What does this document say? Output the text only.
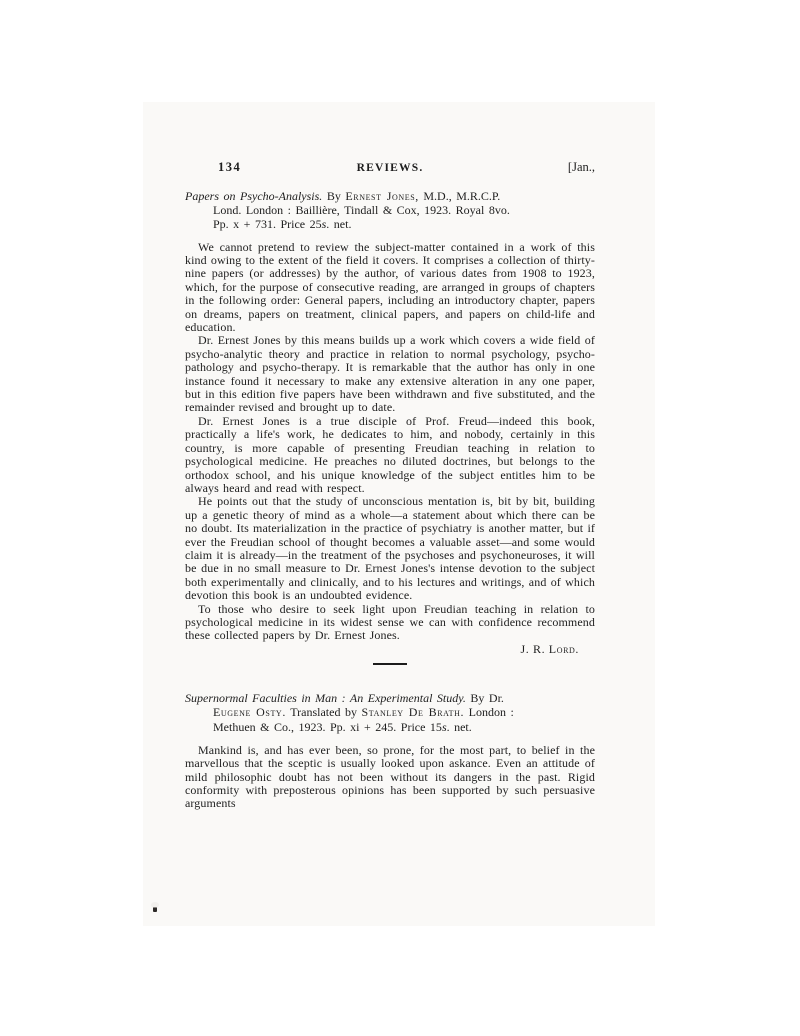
134	REVIEWS.	[Jan.,
Papers on Psycho-Analysis. By Ernest Jones, M.D., M.R.C.P.
Lond. London : Baillière, Tindall & Cox, 1923. Royal 8vo.
Pp. x + 731. Price 25s. net.

We cannot pretend to review the subject-matter contained in a work of this kind owing to the extent of the field it covers. It comprises a collection of thirty-nine papers (or addresses) by the author, of various dates from 1908 to 1923, which, for the purpose of consecutive reading, are arranged in groups of chapters in the following order: General papers, including an introductory chapter, papers on dreams, papers on treatment, clinical papers, and papers on child-life and education.

Dr. Ernest Jones by this means builds up a work which covers a wide field of psycho-analytic theory and practice in relation to normal psychology, psycho-pathology and psycho-therapy. It is remarkable that the author has only in one instance found it necessary to make any extensive alteration in any one paper, but in this edition five papers have been withdrawn and five substituted, and the remainder revised and brought up to date.

Dr. Ernest Jones is a true disciple of Prof. Freud—indeed this book, practically a life's work, he dedicates to him, and nobody, certainly in this country, is more capable of presenting Freudian teaching in relation to psychological medicine. He preaches no diluted doctrines, but belongs to the orthodox school, and his unique knowledge of the subject entitles him to be always heard and read with respect.

He points out that the study of unconscious mentation is, bit by bit, building up a genetic theory of mind as a whole—a statement about which there can be no doubt. Its materialization in the practice of psychiatry is another matter, but if ever the Freudian school of thought becomes a valuable asset—and some would claim it is already—in the treatment of the psychoses and psychoneuroses, it will be due in no small measure to Dr. Ernest Jones's intense devotion to the subject both experimentally and clinically, and to his lectures and writings, and of which devotion this book is an undoubted evidence.

To those who desire to seek light upon Freudian teaching in relation to psychological medicine in its widest sense we can with confidence recommend these collected papers by Dr. Ernest Jones.

J. R. Lord.
Supernormal Faculties in Man : An Experimental Study. By Dr.
Eugene Osty. Translated by Stanley De Brath. London :
Methuen & Co., 1923. Pp. xi + 245. Price 15s. net.

Mankind is, and has ever been, so prone, for the most part, to belief in the marvellous that the sceptic is usually looked upon askance. Even an attitude of mild philosophic doubt has not been without its dangers in the past. Rigid conformity with preposterous opinions has been supported by such persuasive arguments
